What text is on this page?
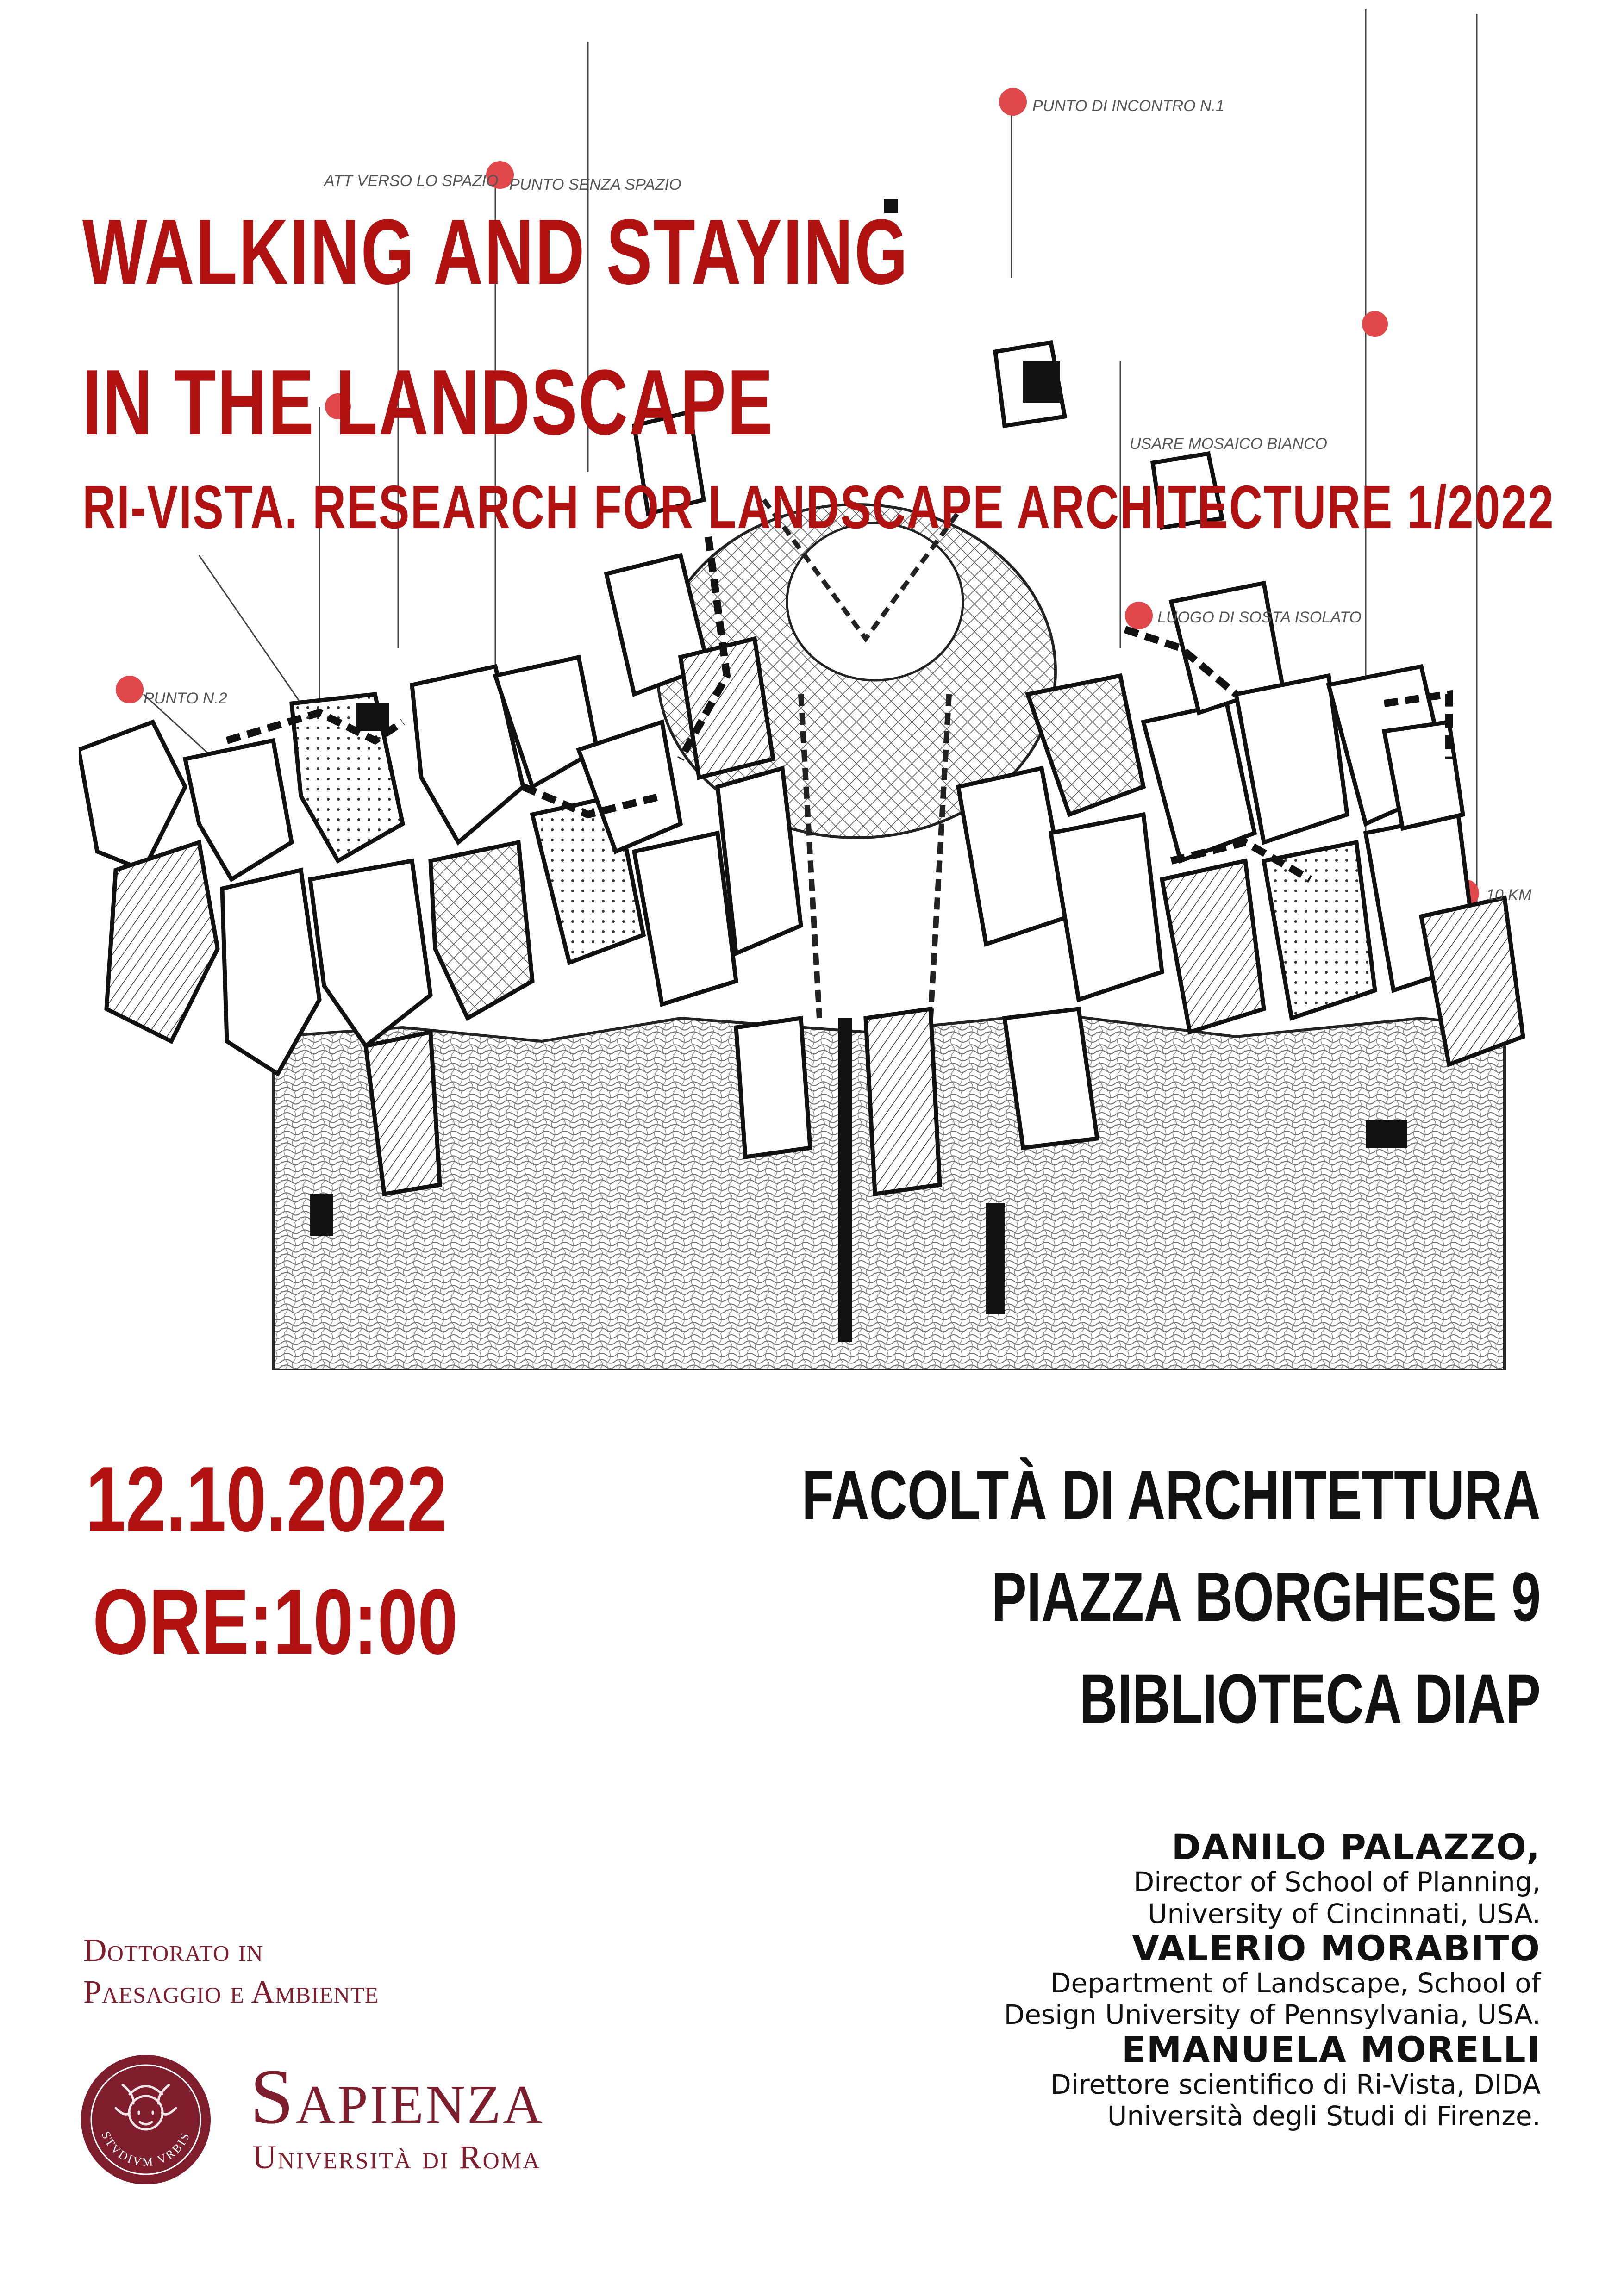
ATT VERSO LO SPAZIO PUNTO SENZA SPAZIO
PUNTO DI INCONTRO N.1
LUOGO DI SOSTA ISOLATO
PUNTO N.2
10 KM
USARE MOSAICO BIANCO
WALKING AND STAYING
IN THE LANDSCAPE
RI-VISTA. RESEARCH FOR LANDSCAPE ARCHITECTURE 1/2022
12.10.2022
ORE:10:00
FACOLTÀ DI ARCHITETTURA
PIAZZA BORGHESE 9
BIBLIOTECA DIAP

DANILO PALAZZO,

Director of School of Planning,

University of Cincinnati, USA.

VALERIO MORABITO

Department of Landscape, School of

Design University of Pennsylvania, USA.

EMANUELA MORELLI

Direttore scientifico di Ri-Vista, DIDA

Università degli Studi di Firenze.

Dottorato in
Paesaggio e Ambiente
STVDIVM VRBIS Sapienza
Università di Roma
